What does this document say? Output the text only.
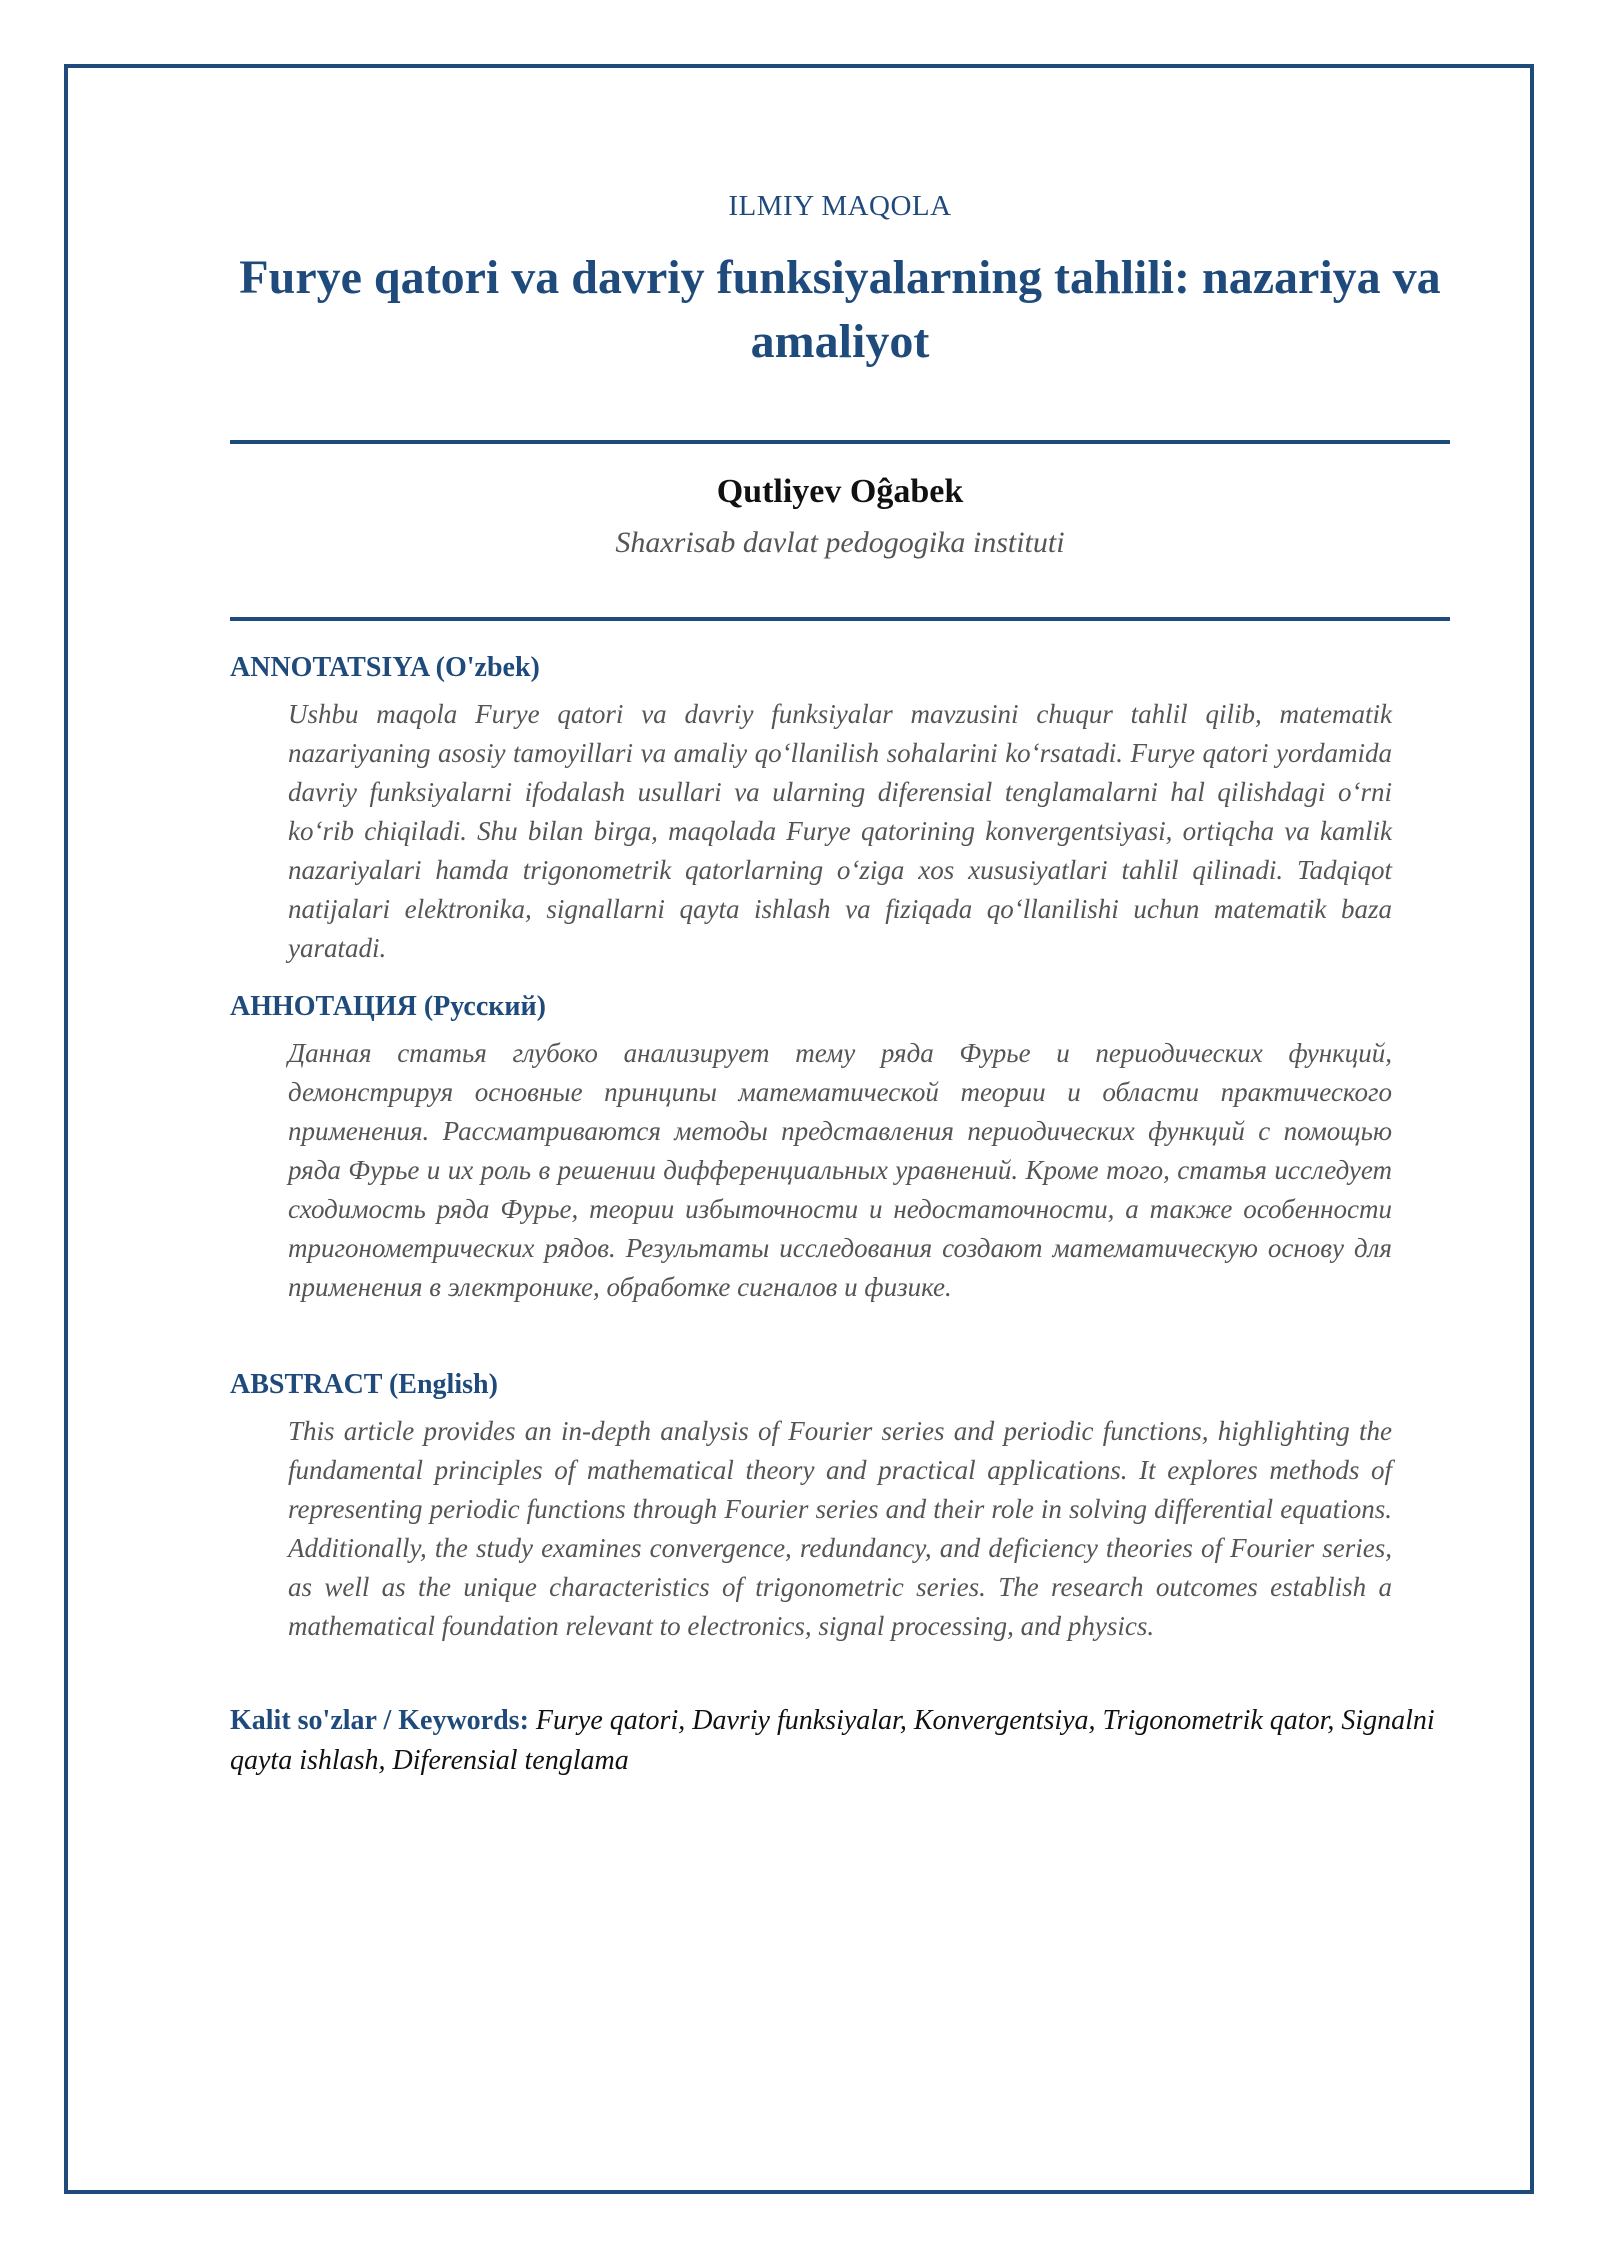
ILMIY MAQOLA
Furye qatori va davriy funksiyalarning tahlili: nazariya va amaliyot
Qutliyev Oĝabek
Shaxrisab davlat pedogogika instituti
ANNOTATSIYA (O'zbek)

Ushbu maqola Furye qatori va davriy funksiyalar mavzusini chuqur tahlil qilib, matematik nazariyaning asosiy tamoyillari va amaliy qo‘llanilish sohalarini ko‘rsatadi. Furye qatori yordamida davriy funksiyalarni ifodalash usullari va ularning diferensial tenglamalarni hal qilishdagi o‘rni ko‘rib chiqiladi. Shu bilan birga, maqolada Furye qatorining konvergentsiyasi, ortiqcha va kamlik nazariyalari hamda trigonometrik qatorlarning o‘ziga xos xususiyatlari tahlil qilinadi. Tadqiqot natijalari elektronika, signallarni qayta ishlash va fiziqada qo‘llanilishi uchun matematik baza yaratadi.

АННОТАЦИЯ (Русский)

Данная статья глубоко анализирует тему ряда Фурье и периодических функций, демонстрируя основные принципы математической теории и области практического применения. Рассматриваются методы представления периодических функций с помощью ряда Фурье и их роль в решении дифференциальных уравнений. Кроме того, статья исследует сходимость ряда Фурье, теории избыточности и недостаточности, а также особенности тригонометрических рядов. Результаты исследования создают математическую основу для применения в электронике, обработке сигналов и физике.

ABSTRACT (English)

This article provides an in-depth analysis of Fourier series and periodic functions, highlighting the fundamental principles of mathematical theory and practical applications. It explores methods of representing periodic functions through Fourier series and their role in solving differential equations. Additionally, the study examines convergence, redundancy, and deficiency theories of Fourier series, as well as the unique characteristics of trigonometric series. The research outcomes establish a mathematical foundation relevant to electronics, signal processing, and physics.

Kalit so'zlar / Keywords: Furye qatori, Davriy funksiyalar, Konvergentsiya, Trigonometrik qator, Signalni qayta ishlash, Diferensial tenglama
